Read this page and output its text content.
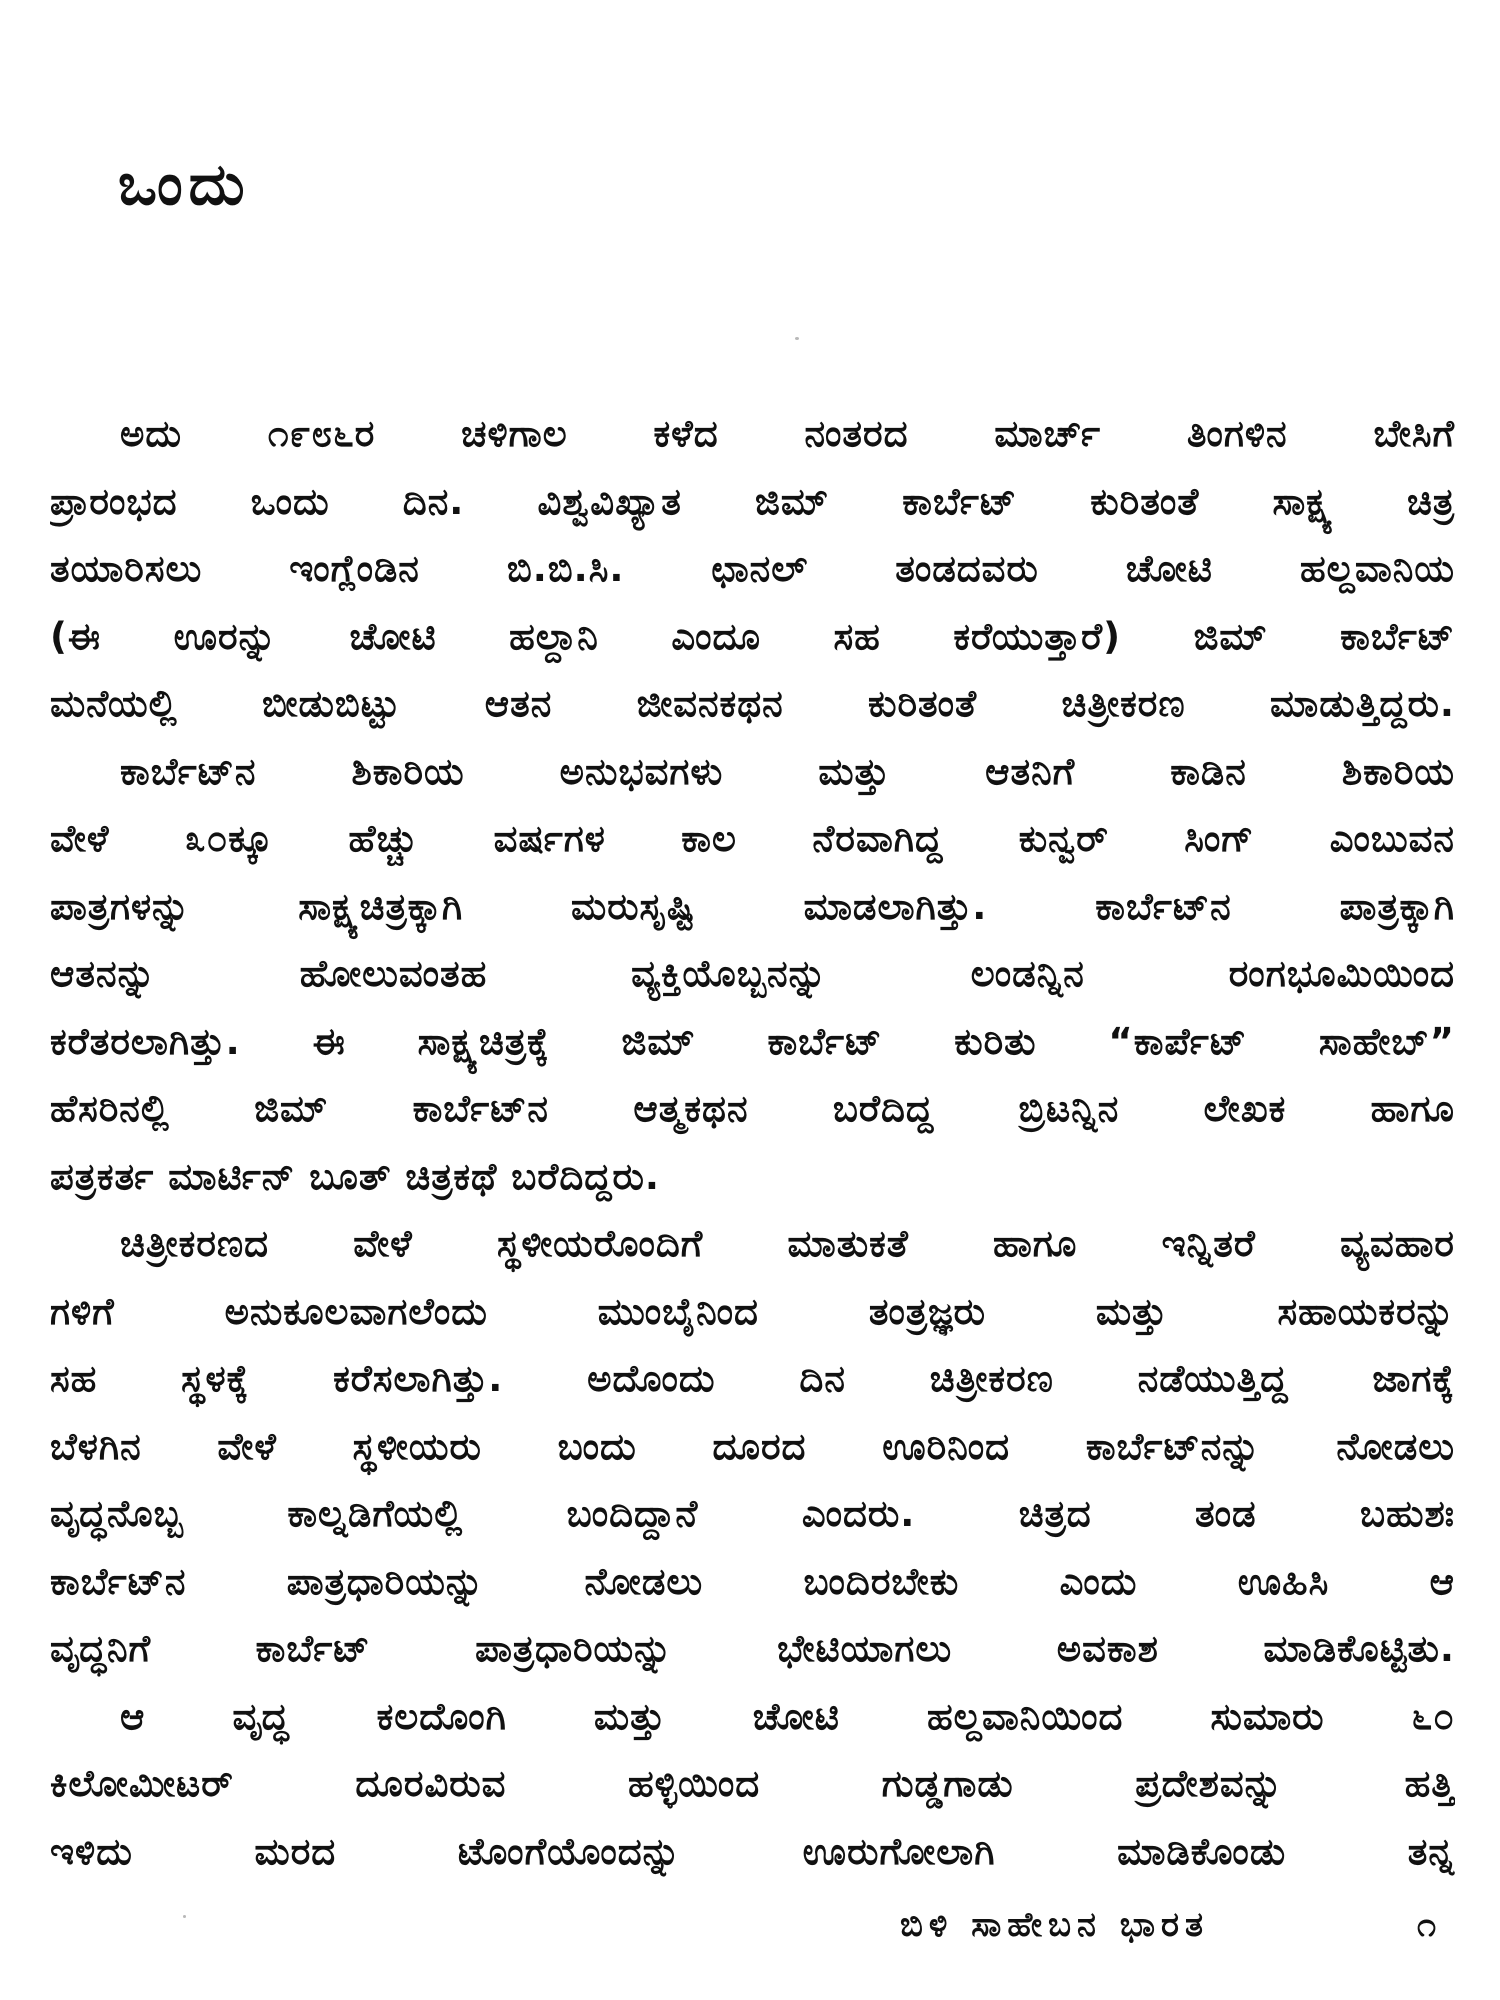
ಒಂದು
ಅದು ೧೯೮೬ರ ಚಳಿಗಾಲ ಕಳೆದ ನಂತರದ ಮಾರ್ಚ್ ತಿಂಗಳಿನ ಬೇಸಿಗೆ
ಪ್ರಾರಂಭದ ಒಂದು ದಿನ. ವಿಶ್ವವಿಖ್ಯಾತ ಜಿಮ್ ಕಾರ್ಬೆಟ್ ಕುರಿತಂತೆ ಸಾಕ್ಷ್ಯ ಚಿತ್ರ
ತಯಾರಿಸಲು ಇಂಗ್ಲೆಂಡಿನ ಬಿ.ಬಿ.ಸಿ. ಛಾನಲ್ ತಂಡದವರು ಚೋಟಿ ಹಲ್ದವಾನಿಯ
(ಈ ಊರನ್ನು ಚೋಟಿ ಹಲ್ದಾನಿ ಎಂದೂ ಸಹ ಕರೆಯುತ್ತಾರೆ) ಜಿಮ್ ಕಾರ್ಬೆಟ್
ಮನೆಯಲ್ಲಿ ಬೀಡುಬಿಟ್ಟು ಆತನ ಜೀವನಕಥನ ಕುರಿತಂತೆ ಚಿತ್ರೀಕರಣ ಮಾಡುತ್ತಿದ್ದರು.
ಕಾರ್ಬೆಟ್‌ನ ಶಿಕಾರಿಯ ಅನುಭವಗಳು ಮತ್ತು ಆತನಿಗೆ ಕಾಡಿನ ಶಿಕಾರಿಯ
ವೇಳೆ ೩೦ಕ್ಕೂ ಹೆಚ್ಚು ವರ್ಷಗಳ ಕಾಲ ನೆರವಾಗಿದ್ದ ಕುನ್ವರ್ ಸಿಂಗ್ ಎಂಬುವನ
ಪಾತ್ರಗಳನ್ನು ಸಾಕ್ಷ್ಯಚಿತ್ರಕ್ಕಾಗಿ ಮರುಸೃಷ್ಟಿ ಮಾಡಲಾಗಿತ್ತು. ಕಾರ್ಬೆಟ್‌ನ ಪಾತ್ರಕ್ಕಾಗಿ
ಆತನನ್ನು ಹೋಲುವಂತಹ ವ್ಯಕ್ತಿಯೊಬ್ಬನನ್ನು ಲಂಡನ್ನಿನ ರಂಗಭೂಮಿಯಿಂದ
ಕರೆತರಲಾಗಿತ್ತು. ಈ ಸಾಕ್ಷ್ಯಚಿತ್ರಕ್ಕೆ ಜಿಮ್ ಕಾರ್ಬೆಟ್ ಕುರಿತು “ಕಾರ್ಪೆಟ್ ಸಾಹೇಬ್”
ಹೆಸರಿನಲ್ಲಿ ಜಿಮ್ ಕಾರ್ಬೆಟ್‌ನ ಆತ್ಮಕಥನ ಬರೆದಿದ್ದ ಬ್ರಿಟನ್ನಿನ ಲೇಖಕ ಹಾಗೂ
ಪತ್ರಕರ್ತ ಮಾರ್ಟಿನ್ ಬೂತ್ ಚಿತ್ರಕಥೆ ಬರೆದಿದ್ದರು.
ಚಿತ್ರೀಕರಣದ ವೇಳೆ ಸ್ಥಳೀಯರೊಂದಿಗೆ ಮಾತುಕತೆ ಹಾಗೂ ಇನ್ನಿತರೆ ವ್ಯವಹಾರ
ಗಳಿಗೆ ಅನುಕೂಲವಾಗಲೆಂದು ಮುಂಬೈನಿಂದ ತಂತ್ರಜ್ಞರು ಮತ್ತು ಸಹಾಯಕರನ್ನು
ಸಹ ಸ್ಥಳಕ್ಕೆ ಕರೆಸಲಾಗಿತ್ತು. ಅದೊಂದು ದಿನ ಚಿತ್ರೀಕರಣ ನಡೆಯುತ್ತಿದ್ದ ಜಾಗಕ್ಕೆ
ಬೆಳಗಿನ ವೇಳೆ ಸ್ಥಳೀಯರು ಬಂದು ದೂರದ ಊರಿನಿಂದ ಕಾರ್ಬೆಟ್‌ನನ್ನು ನೋಡಲು
ವೃದ್ಧನೊಬ್ಬ ಕಾಲ್ನಡಿಗೆಯಲ್ಲಿ ಬಂದಿದ್ದಾನೆ ಎಂದರು. ಚಿತ್ರದ ತಂಡ ಬಹುಶಃ
ಕಾರ್ಬೆಟ್‌ನ ಪಾತ್ರಧಾರಿಯನ್ನು ನೋಡಲು ಬಂದಿರಬೇಕು ಎಂದು ಊಹಿಸಿ ಆ
ವೃದ್ಧನಿಗೆ ಕಾರ್ಬೆಟ್ ಪಾತ್ರಧಾರಿಯನ್ನು ಭೇಟಿಯಾಗಲು ಅವಕಾಶ ಮಾಡಿಕೊಟ್ಟಿತು.
ಆ ವೃದ್ಧ ಕಲದೊಂಗಿ ಮತ್ತು ಚೋಟಿ ಹಲ್ದವಾನಿಯಿಂದ ಸುಮಾರು ೬೦
ಕಿಲೋಮೀಟರ್ ದೂರವಿರುವ ಹಳ್ಳಿಯಿಂದ ಗುಡ್ಡಗಾಡು ಪ್ರದೇಶವನ್ನು ಹತ್ತಿ
ಇಳಿದು ಮರದ ಟೊಂಗೆಯೊಂದನ್ನು ಊರುಗೋಲಾಗಿ ಮಾಡಿಕೊಂಡು ತನ್ನ
ಬಿಳಿ ಸಾಹೇಬನ ಭಾರತ	೧
